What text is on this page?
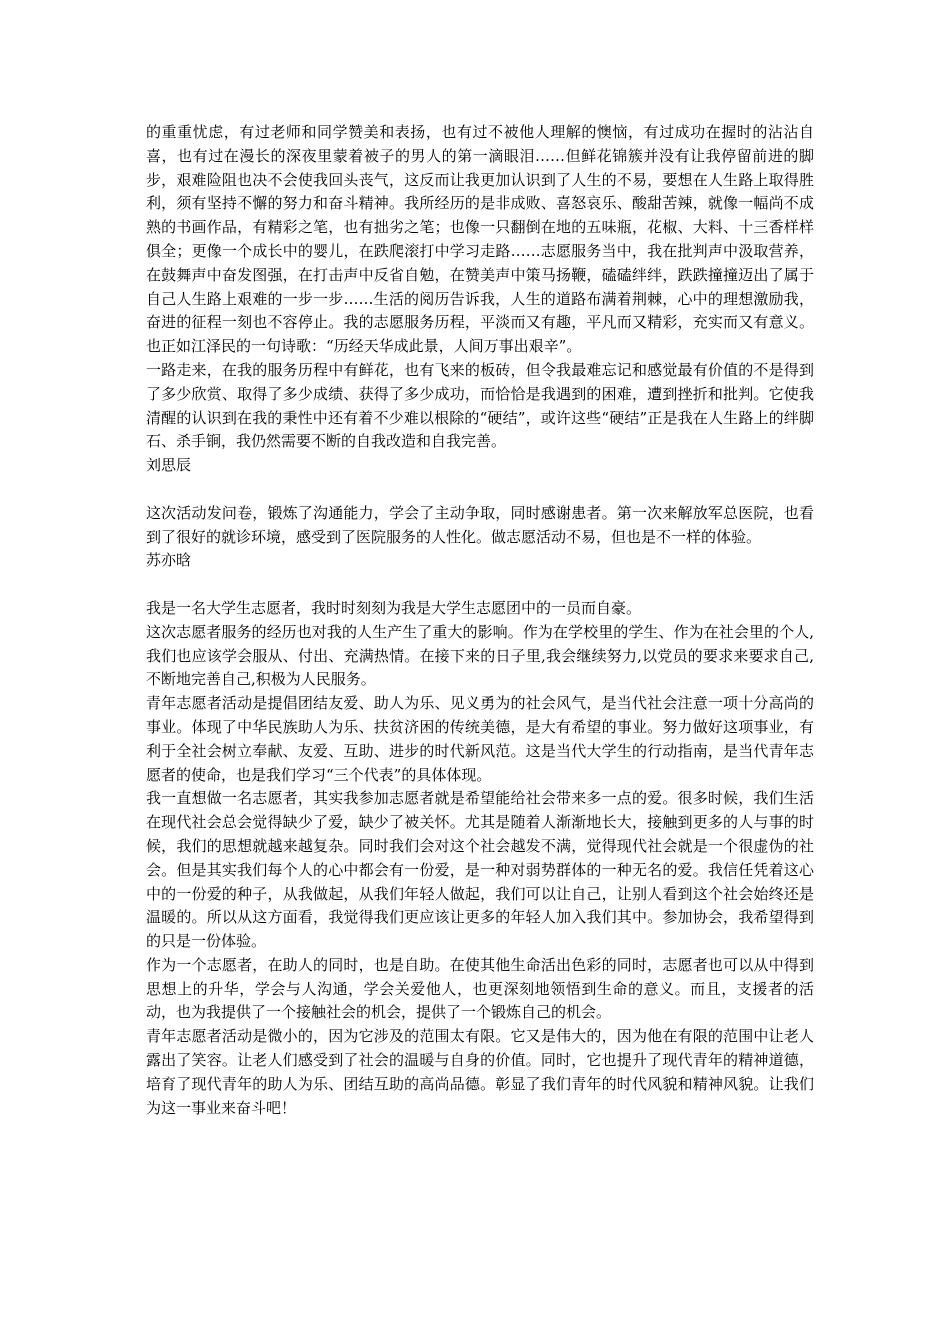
的重重忧虑，有过老师和同学赞美和表扬，也有过不被他人理解的懊恼，有过成功在握时的沾沾自喜，也有过在漫长的深夜里蒙着被子的男人的第一滴眼泪……但鲜花锦簇并没有让我停留前进的脚步，艰难险阻也决不会使我回头丧气，这反而让我更加认识到了人生的不易，要想在人生路上取得胜利，须有坚持不懈的努力和奋斗精神。我所经历的是非成败、喜怒哀乐、酸甜苦辣，就像一幅尚不成熟的书画作品，有精彩之笔，也有拙劣之笔；也像一只翻倒在地的五味瓶，花椒、大料、十三香样样俱全；更像一个成长中的婴儿，在跌爬滚打中学习走路……志愿服务当中，我在批判声中汲取营养，在鼓舞声中奋发图强，在打击声中反省自勉，在赞美声中策马扬鞭，磕磕绊绊，跌跌撞撞迈出了属于自己人生路上艰难的一步一步……生活的阅历告诉我，人生的道路布满着荆棘，心中的理想激励我，奋进的征程一刻也不容停止。我的志愿服务历程，平淡而又有趣，平凡而又精彩，充实而又有意义。也正如江泽民的一句诗歌：“历经天华成此景，人间万事出艰辛”。

一路走来，在我的服务历程中有鲜花，也有飞来的板砖，但令我最难忘记和感觉最有价值的不是得到了多少欣赏、取得了多少成绩、获得了多少成功，而恰恰是我遇到的困难，遭到挫折和批判。它使我清醒的认识到在我的秉性中还有着不少难以根除的“硬结”，或许这些“硬结”正是我在人生路上的绊脚石、杀手锏，我仍然需要不断的自我改造和自我完善。

刘思辰

这次活动发问卷，锻炼了沟通能力，学会了主动争取，同时感谢患者。第一次来解放军总医院，也看到了很好的就诊环境，感受到了医院服务的人性化。做志愿活动不易，但也是不一样的体验。

苏亦晗

我是一名大学生志愿者，我时时刻刻为我是大学生志愿团中的一员而自豪。

这次志愿者服务的经历也对我的人生产生了重大的影响。作为在学校里的学生、作为在社会里的个人,我们也应该学会服从、付出、充满热情。在接下来的日子里,我会继续努力,以党员的要求来要求自己,不断地完善自己,积极为人民服务。

青年志愿者活动是提倡团结友爱、助人为乐、见义勇为的社会风气，是当代社会注意一项十分高尚的事业。体现了中华民族助人为乐、扶贫济困的传统美德，是大有希望的事业。努力做好这项事业，有利于全社会树立奉献、友爱、互助、进步的时代新风范。这是当代大学生的行动指南，是当代青年志愿者的使命，也是我们学习“三个代表”的具体体现。

我一直想做一名志愿者，其实我参加志愿者就是希望能给社会带来多一点的爱。很多时候，我们生活在现代社会总会觉得缺少了爱，缺少了被关怀。尤其是随着人渐渐地长大，接触到更多的人与事的时候，我们的思想就越来越复杂。同时我们会对这个社会越发不满，觉得现代社会就是一个很虚伪的社会。但是其实我们每个人的心中都会有一份爱，是一种对弱势群体的一种无名的爱。我信任凭着这心中的一份爱的种子，从我做起，从我们年轻人做起，我们可以让自己，让别人看到这个社会始终还是温暖的。所以从这方面看，我觉得我们更应该让更多的年轻人加入我们其中。参加协会，我希望得到的只是一份体验。

作为一个志愿者，在助人的同时，也是自助。在使其他生命活出色彩的同时，志愿者也可以从中得到思想上的升华，学会与人沟通，学会关爱他人，也更深刻地领悟到生命的意义。而且，支援者的活动，也为我提供了一个接触社会的机会，提供了一个锻炼自己的机会。

青年志愿者活动是微小的，因为它涉及的范围太有限。它又是伟大的，因为他在有限的范围中让老人露出了笑容。让老人们感受到了社会的温暖与自身的价值。同时，它也提升了现代青年的精神道德，培育了现代青年的助人为乐、团结互助的高尚品德。彰显了我们青年的时代风貌和精神风貌。让我们为这一事业来奋斗吧！
